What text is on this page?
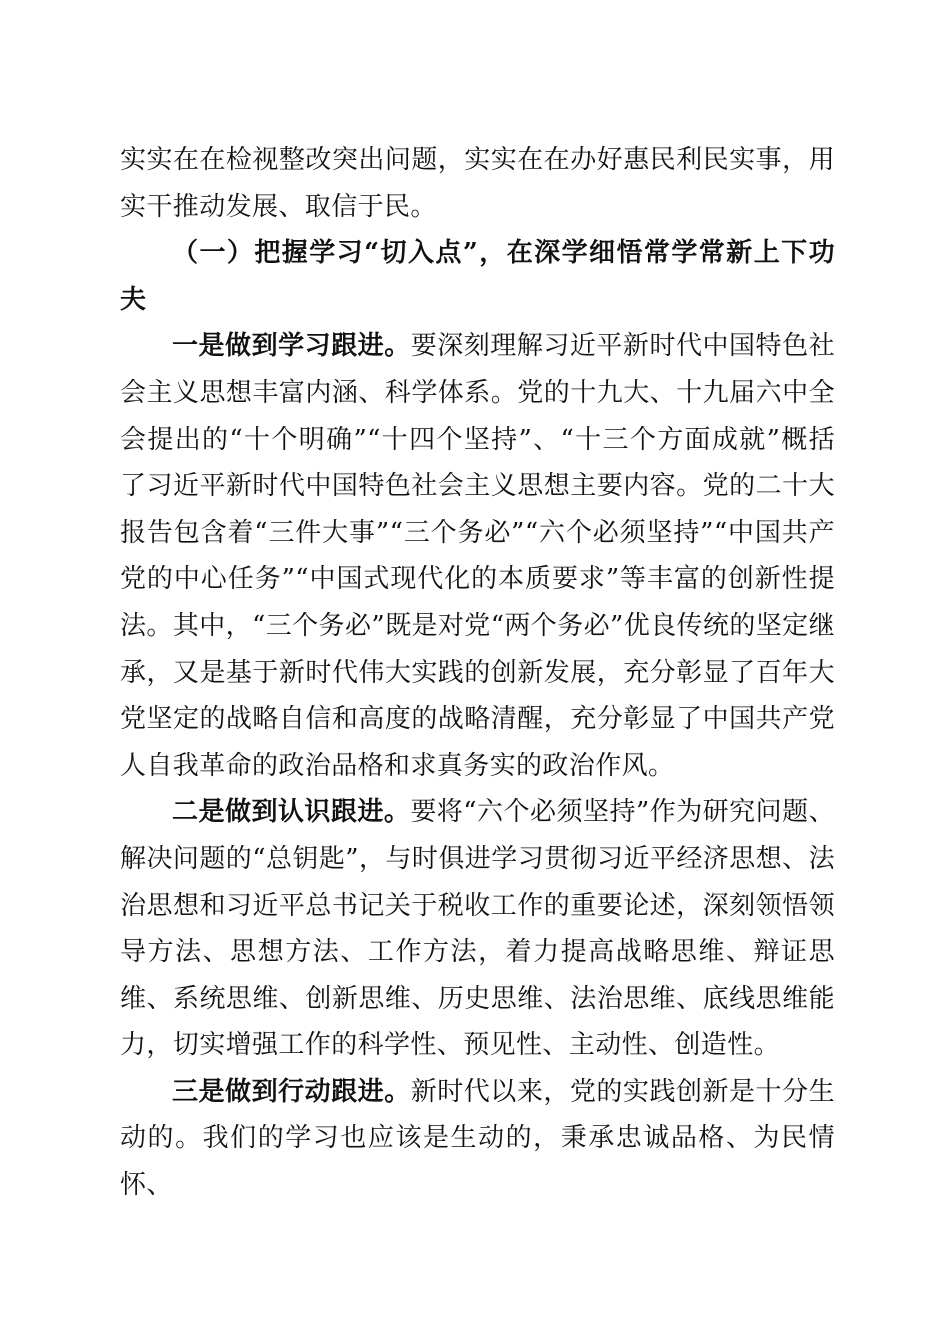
实实在在检视整改突出问题，实实在在办好惠民利民实事，用实干推动发展、取信于民。

（一）把握学习“切入点”，在深学细悟常学常新上下功夫

一是做到学习跟进。要深刻理解习近平新时代中国特色社会主义思想丰富内涵、科学体系。党的十九大、十九届六中全会提出的“十个明确”“十四个坚持”、“十三个方面成就”概括了习近平新时代中国特色社会主义思想主要内容。党的二十大报告包含着“三件大事”“三个务必”“六个必须坚持”“中国共产党的中心任务”“中国式现代化的本质要求”等丰富的创新性提法。其中，“三个务必”既是对党“两个务必”优良传统的坚定继承，又是基于新时代伟大实践的创新发展，充分彰显了百年大党坚定的战略自信和高度的战略清醒，充分彰显了中国共产党人自我革命的政治品格和求真务实的政治作风。

二是做到认识跟进。要将“六个必须坚持”作为研究问题、解决问题的“总钥匙”，与时俱进学习贯彻习近平经济思想、法治思想和习近平总书记关于税收工作的重要论述，深刻领悟领导方法、思想方法、工作方法，着力提高战略思维、辩证思维、系统思维、创新思维、历史思维、法治思维、底线思维能力，切实增强工作的科学性、预见性、主动性、创造性。

三是做到行动跟进。新时代以来，党的实践创新是十分生动的。我们的学习也应该是生动的，秉承忠诚品格、为民情怀、
